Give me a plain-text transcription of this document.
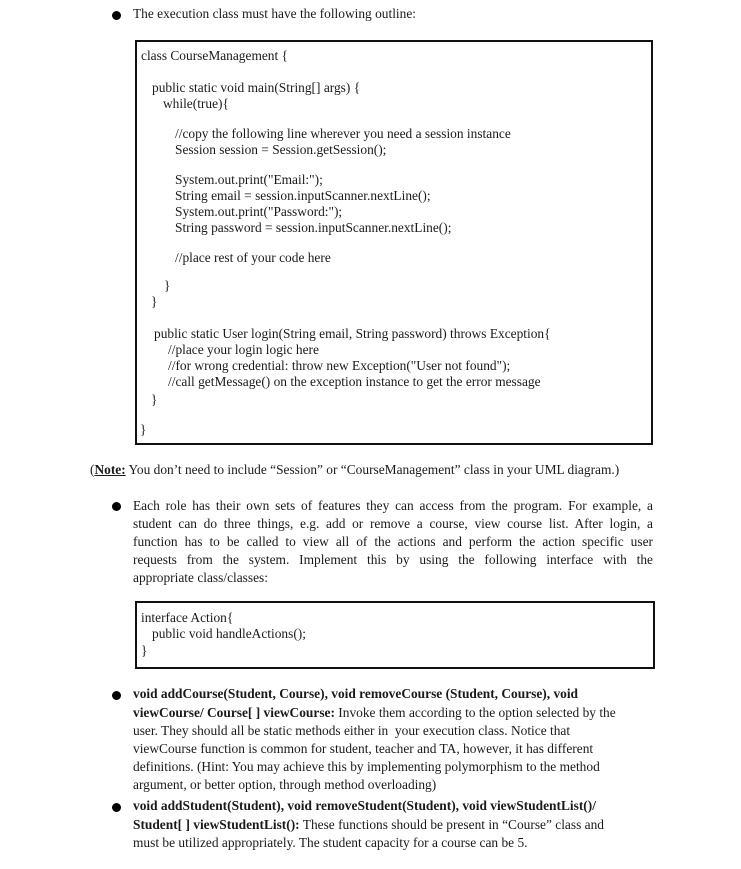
The execution class must have the following outline:
class CourseManagement {
public static void main(String[] args) {
while(true){
//copy the following line wherever you need a session instance
Session session = Session.getSession();
System.out.print("Email:");
String email = session.inputScanner.nextLine();
System.out.print("Password:");
String password = session.inputScanner.nextLine();
//place rest of your code here
}
}
public static User login(String email, String password) throws Exception{
//place your login logic here
//for wrong credential: throw new Exception("User not found");
//call getMessage() on the exception instance to get the error message
}
}
(Note: You don’t need to include “Session” or “CourseManagement” class in your UML diagram.)
Each role has their own sets of features they can access from the program. For example, a
student can do three things, e.g. add or remove a course, view course list. After login, a
function has to be called to view all of the actions and perform the action specific user
requests from the system. Implement this by using the following interface with the
appropriate class/classes:
interface Action{
public void handleActions();
}
void addCourse(Student, Course), void removeCourse (Student, Course), void
viewCourse/ Course[ ] viewCourse: Invoke them according to the option selected by the
user. They should all be static methods either in  your execution class. Notice that
viewCourse function is common for student, teacher and TA, however, it has different
definitions. (Hint: You may achieve this by implementing polymorphism to the method
argument, or better option, through method overloading)
void addStudent(Student), void removeStudent(Student), void viewStudentList()/
Student[ ] viewStudentList(): These functions should be present in “Course” class and
must be utilized appropriately. The student capacity for a course can be 5.
